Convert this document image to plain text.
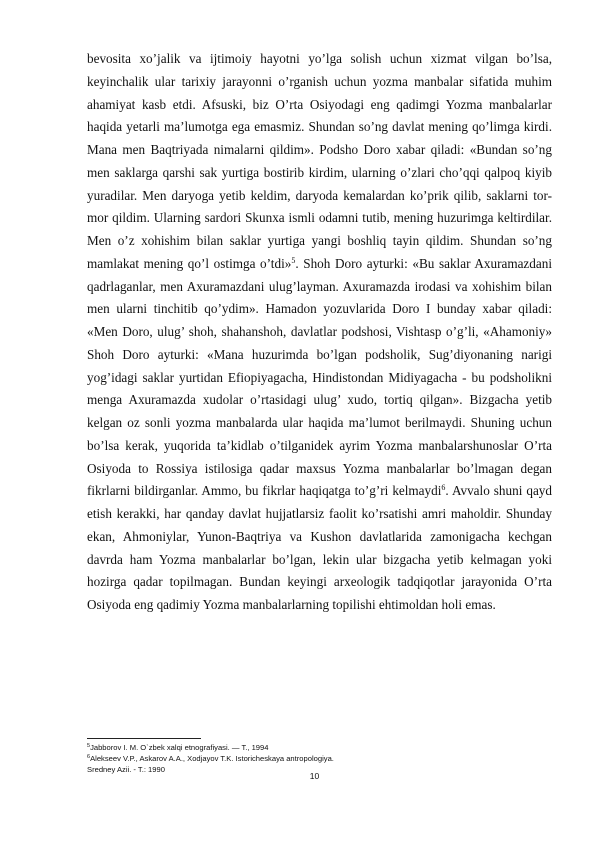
bevosita xo’jalik va ijtimoiy hayotni yo’lga solish uchun xizmat vilgan bo’lsa, keyinchalik ular tarixiy jarayonni o’rganish uchun yozma manbalar sifatida muhim ahamiyat kasb etdi. Afsuski, biz O’rta Osiyodagi eng qadimgi Yozma manbalarlar haqida yetarli ma’lumotga ega emasmiz. Shundan so’ng davlat mening qo’limga kirdi. Mana men Baqtriyada nimalarni qildim». Podsho Doro xabar qiladi: «Bundan so’ng men saklarga qarshi sak yurtiga bostirib kirdim, ularning o’zlari cho’qqi qalpoq kiyib yuradilar. Men daryoga yetib keldim, daryoda kemalardan ko’prik qilib, saklarni tor-mor qildim. Ularning sardori Skunxa ismli odamni tutib, mening huzurimga keltirdilar. Men o’z xohishim bilan saklar yurtiga yangi boshliq tayin qildim. Shundan so’ng mamlakat mening qo’l ostimga o’tdi»$^5$. Shoh Doro ayturki: «Bu saklar Axuramazdani qadrlaganlar, men Axuramazdani ulug’layman. Axuramazda irodasi va xohishim bilan men ularni tinchitib qo’ydim». Hamadon yozuvlarida Doro I bunday xabar qiladi: «Men Doro, ulug’ shoh, shahanshoh, davlatlar podshosi, Vishtasp o’g’li, «Ahamoniy» Shoh Doro ayturki: «Mana huzurimda bo’lgan podsholik, Sug’diyonaning narigi yog’idagi saklar yurtidan Efiopiyagacha, Hindistondan Midiyagacha - bu podsholikni menga Axuramazda xudolar o’rtasidagi ulug’ xudo, tortiq qilgan». Bizgacha yetib kelgan oz sonli yozma manbalarda ular haqida ma’lumot berilmaydi. Shuning uchun bo’lsa kerak, yuqorida ta’kidlab o’tilganidek ayrim Yozma manbalarshunoslar O’rta Osiyoda to Rossiya istilosiga qadar maxsus Yozma manbalarlar bo’lmagan degan fikrlarni bildirganlar. Ammo, bu fikrlar haqiqatga to’g’ri kelmaydi$^6$. Avvalo shuni qayd etish kerakki, har qanday davlat hujjatlarsiz faolit ko’rsatishi amri maholdir. Shunday ekan, Ahmoniylar, Yunon-Baqtriya va Kushon davlatlarida zamonigacha kechgan davrda ham Yozma manbalarlar bo’lgan, lekin ular bizgacha yetib kelmagan yoki hozirga qadar topilmagan. Bundan keyingi arxeologik tadqiqotlar jarayonida O’rta Osiyoda eng qadimiy Yozma manbalarlarning topilishi ehtimoldan holi emas.

$^5$Jabborov I. M. O`zbek xalqi etnografiyasi. — T., 1994
$^6$Alekseev V.P., Askarov A.A., Xodjayov T.K. Istoricheskaya antropologiya.
Sredney Azii. - T.: 1990
10
